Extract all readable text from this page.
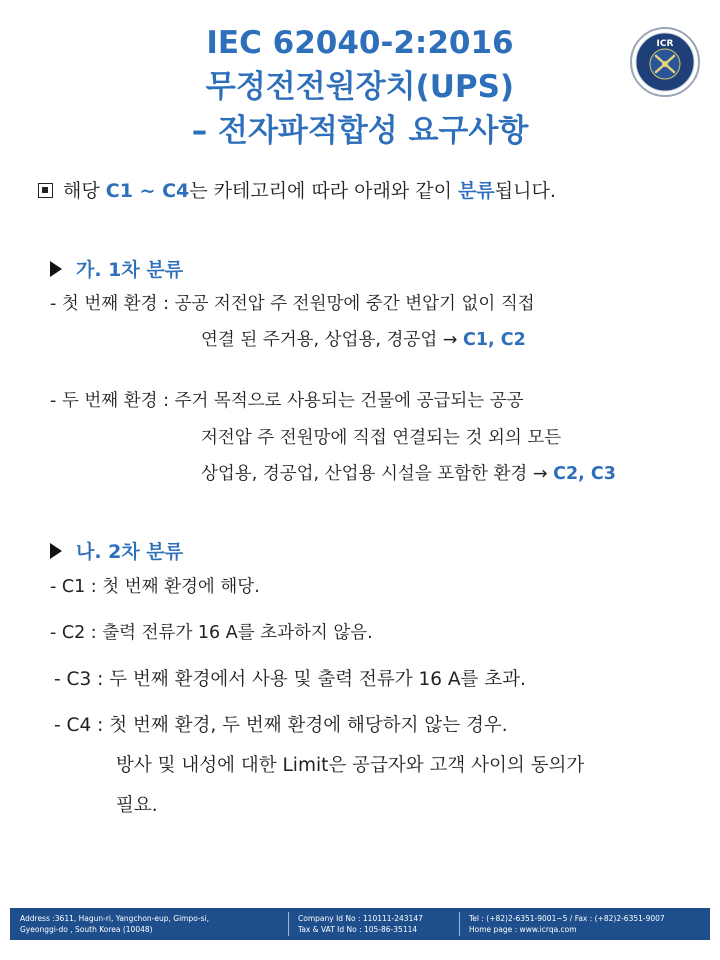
IEC 62040-2:2016
무정전전원장치(UPS)
– 전자파적합성 요구사항
ICR
해당 C1 ~ C4는 카테고리에 따라 아래와 같이 분류됩니다.
가. 1차 분류
- 첫 번째 환경 : 공공 저전압 주 전원망에 중간 변압기 없이 직접
연결 된 주거용, 상업용, 경공업 → C1, C2
- 두 번째 환경 : 주거 목적으로 사용되는 건물에 공급되는 공공
저전압 주 전원망에 직접 연결되는 것 외의 모든
상업용, 경공업, 산업용 시설을 포함한 환경 → C2, C3
나. 2차 분류
- C1 : 첫 번째 환경에 해당.
- C2 : 출력 전류가 16 A를 초과하지 않음.
- C3 : 두 번째 환경에서 사용 및 출력 전류가 16 A를 초과.
- C4 : 첫 번째 환경, 두 번째 환경에 해당하지 않는 경우.
방사 및 내성에 대한 Limit은 공급자와 고객 사이의 동의가
필요.
Address :3611, Hagun-ri, Yangchon-eup, Gimpo-si,
Gyeonggi-do , South Korea (10048)
Company Id No : 110111-243147
Tax & VAT Id No : 105-86-35114
Tel : (+82)2-6351-9001~5 / Fax : (+82)2-6351-9007
Home page : www.icrqa.com
